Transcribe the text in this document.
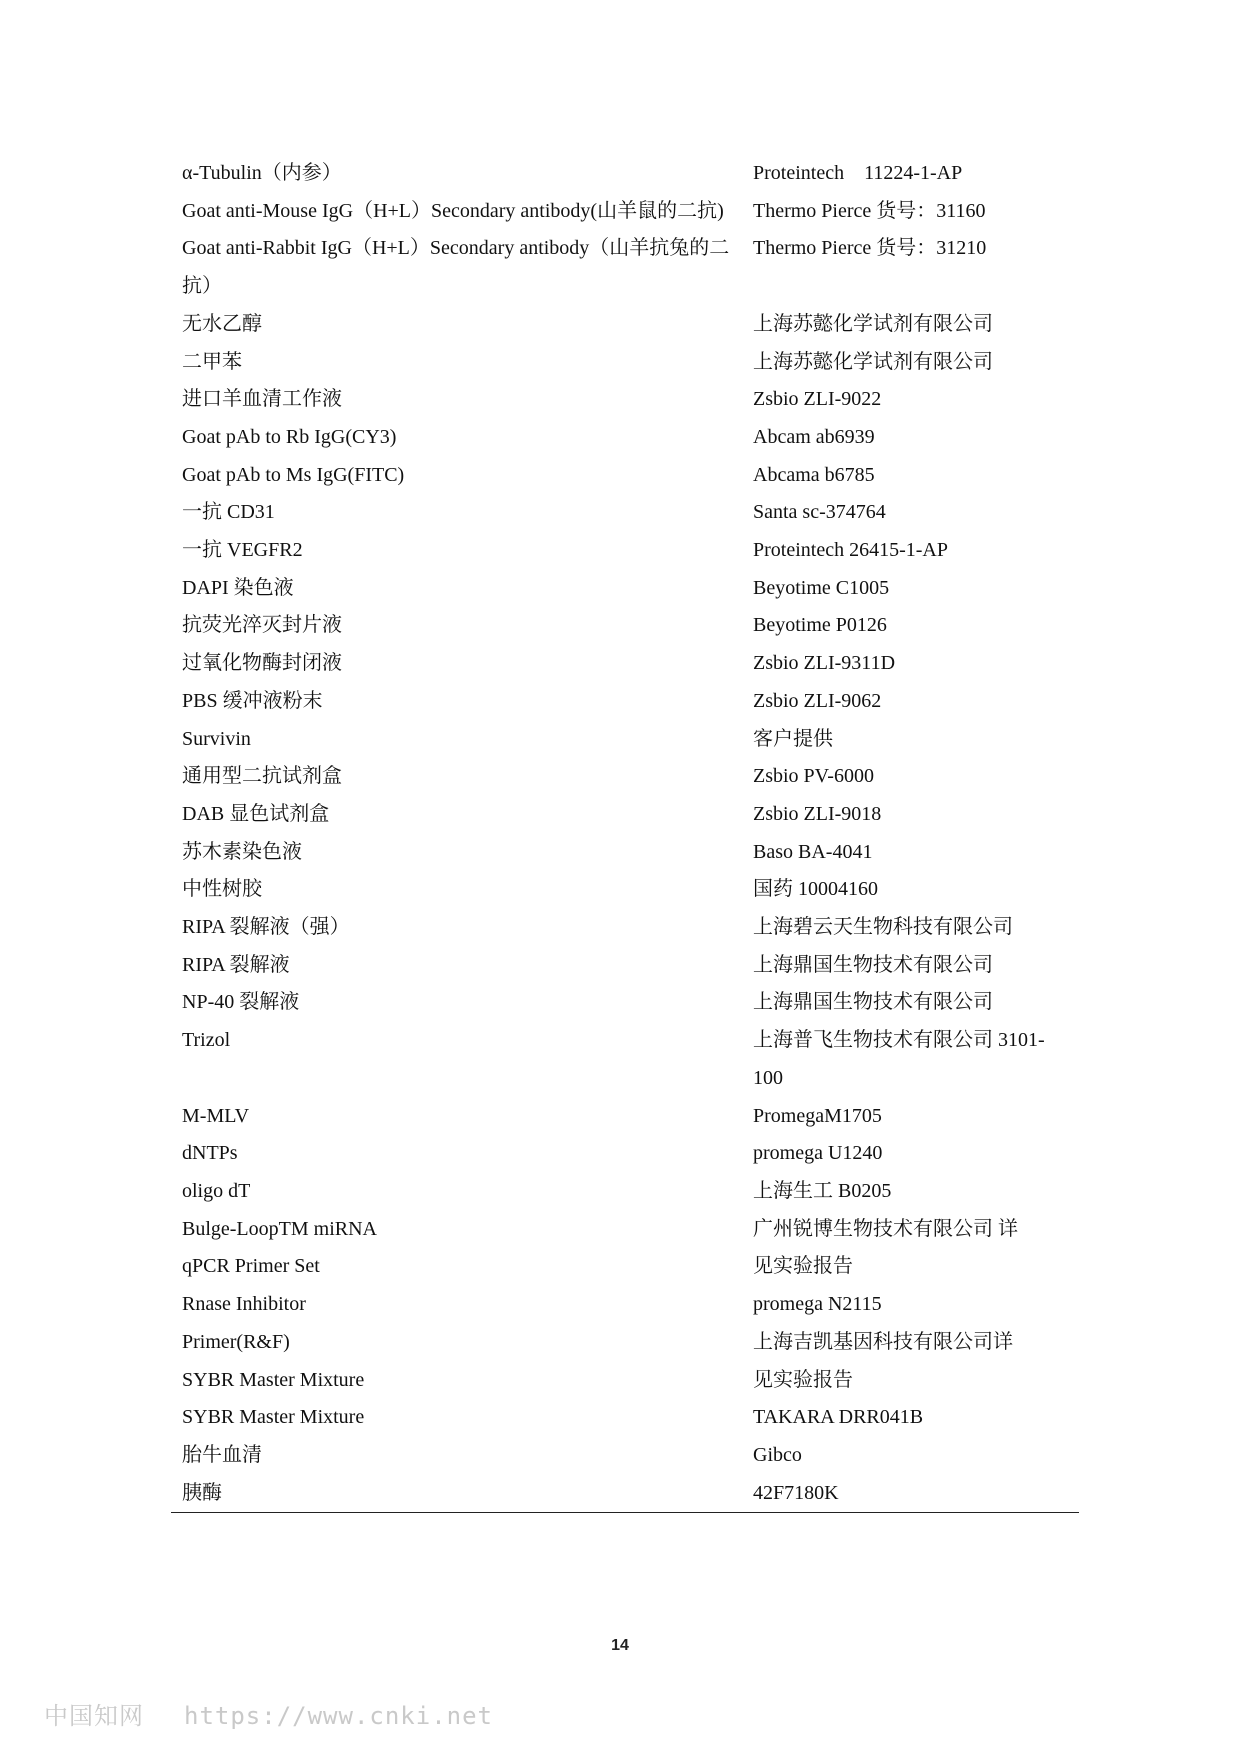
α-Tubulin（内参）	Proteintech　11224-1-AP
Goat anti-Mouse IgG（H+L）Secondary antibody(山羊鼠的二抗)	Thermo Pierce 货号：31160
Goat anti-Rabbit IgG（H+L）Secondary antibody（山羊抗兔的二抗）	Thermo Pierce 货号：31210
无水乙醇	上海苏懿化学试剂有限公司
二甲苯	上海苏懿化学试剂有限公司
进口羊血清工作液	Zsbio ZLI-9022
Goat pAb to Rb IgG(CY3)	Abcam ab6939
Goat pAb to Ms IgG(FITC)	Abcama b6785
一抗 CD31	Santa sc-374764
一抗 VEGFR2	Proteintech 26415-1-AP
DAPI 染色液	Beyotime C1005
抗荧光淬灭封片液	Beyotime P0126
过氧化物酶封闭液	Zsbio ZLI-9311D
PBS 缓冲液粉末	Zsbio ZLI-9062
Survivin	客户提供
通用型二抗试剂盒	Zsbio PV-6000
DAB 显色试剂盒	Zsbio ZLI-9018
苏木素染色液	Baso BA-4041
中性树胶	国药 10004160
RIPA 裂解液（强）	上海碧云天生物科技有限公司
RIPA 裂解液	上海鼎国生物技术有限公司
NP-40 裂解液	上海鼎国生物技术有限公司
Trizol	上海普飞生物技术有限公司 3101-100
M-MLV	PromegaM1705
dNTPs	promega U1240
oligo dT	上海生工 B0205
Bulge-LoopTM miRNA	广州锐博生物技术有限公司 详
qPCR Primer Set	见实验报告
Rnase Inhibitor	promega N2115
Primer(R&F)	上海吉凯基因科技有限公司详
SYBR Master Mixture	见实验报告
SYBR Master Mixture	TAKARA DRR041B
胎牛血清	Gibco
胰酶	42F7180K
14
中国知网 https://www.cnki.net
